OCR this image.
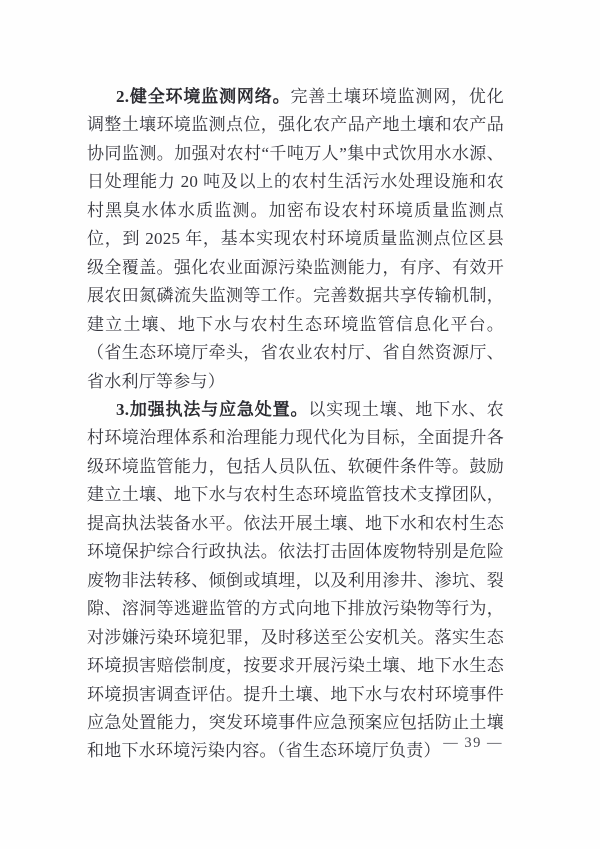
2.健全环境监测网络。完善土壤环境监测网，优化调整土壤环境监测点位，强化农产品产地土壤和农产品协同监测。加强对农村“千吨万人”集中式饮用水水源、日处理能力 20 吨及以上的农村生活污水处理设施和农村黑臭水体水质监测。加密布设农村环境质量监测点位，到 2025 年，基本实现农村环境质量监测点位区县级全覆盖。强化农业面源污染监测能力，有序、有效开展农田氮磷流失监测等工作。完善数据共享传输机制，建立土壤、地下水与农村生态环境监管信息化平台。（省生态环境厅牵头，省农业农村厅、省自然资源厅、省水利厅等参与）

3.加强执法与应急处置。以实现土壤、地下水、农村环境治理体系和治理能力现代化为目标，全面提升各级环境监管能力，包括人员队伍、软硬件条件等。鼓励建立土壤、地下水与农村生态环境监管技术支撑团队，提高执法装备水平。依法开展土壤、地下水和农村生态环境保护综合行政执法。依法打击固体废物特别是危险废物非法转移、倾倒或填埋，以及利用渗井、渗坑、裂隙、溶洞等逃避监管的方式向地下排放污染物等行为，对涉嫌污染环境犯罪，及时移送至公安机关。落实生态环境损害赔偿制度，按要求开展污染土壤、地下水生态环境损害调查评估。提升土壤、地下水与农村环境事件应急处置能力，突发环境事件应急预案应包括防止土壤和地下水环境污染内容。（省生态环境厅负责） — 39 —
